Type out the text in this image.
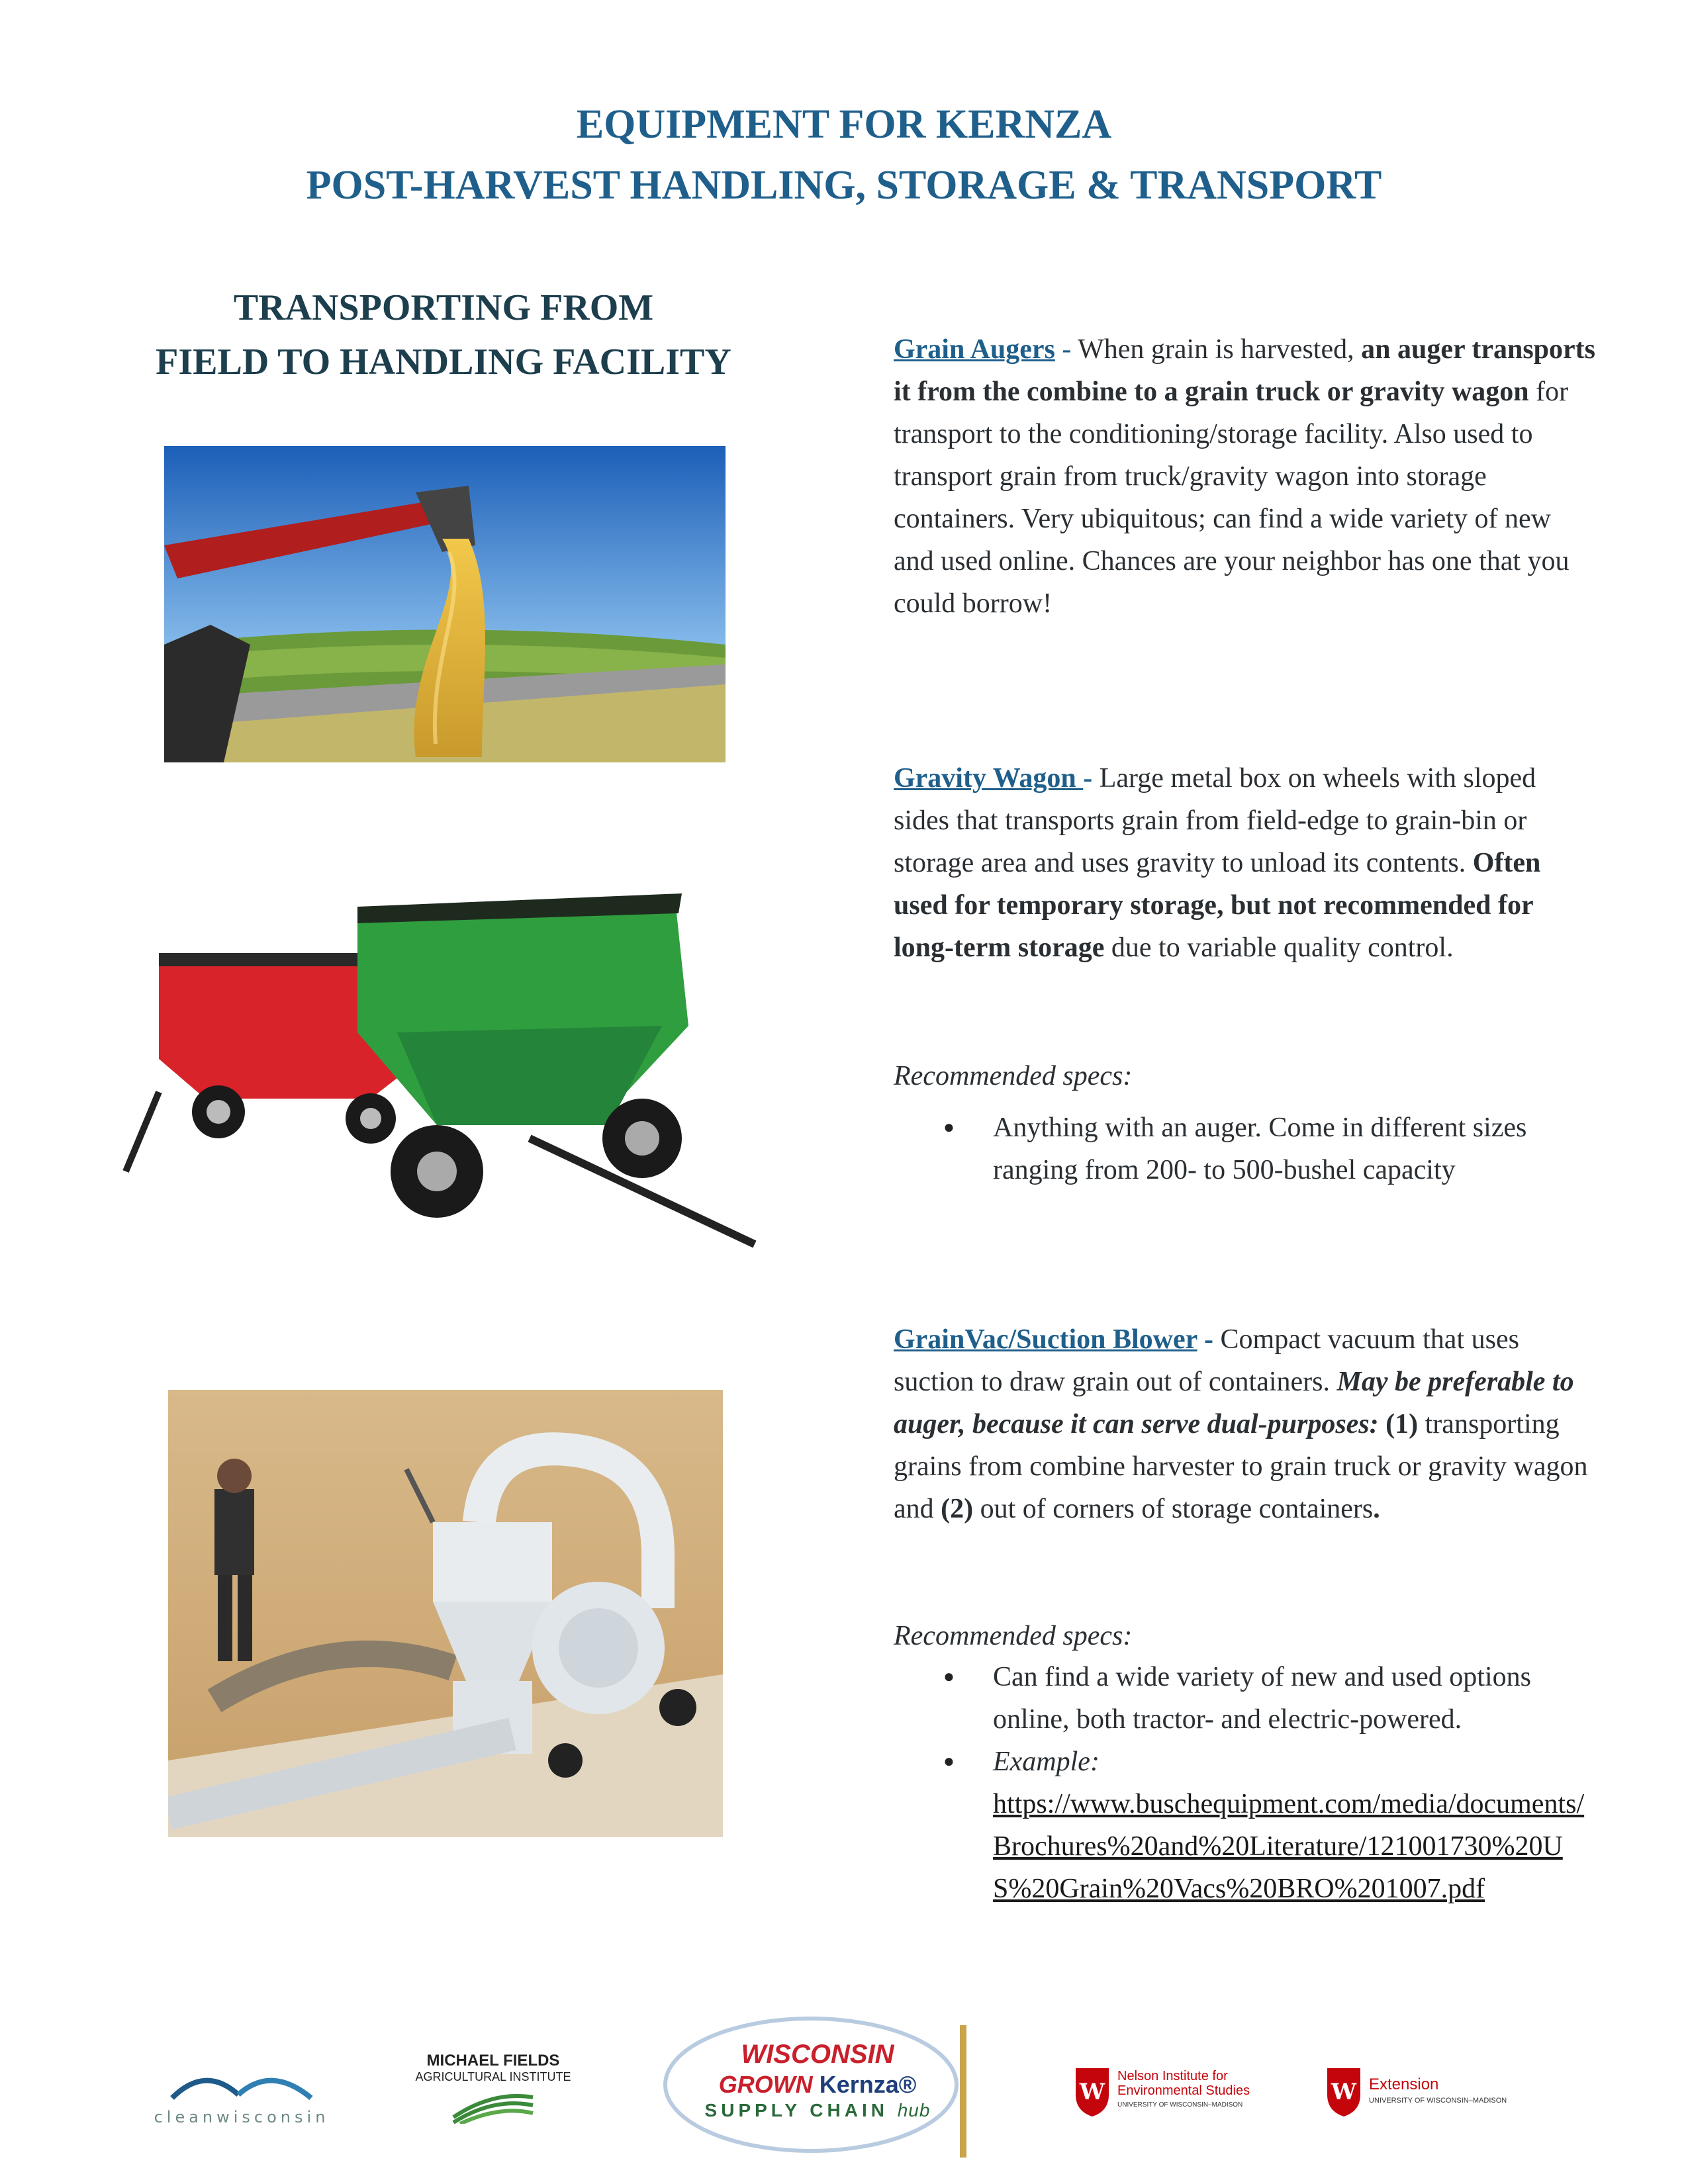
EQUIPMENT FOR KERNZA
POST-HARVEST HANDLING, STORAGE & TRANSPORT
TRANSPORTING FROM
FIELD TO HANDLING FACILITY	Grain Augers - When grain is harvested, an auger transports it from the combine to a grain truck or gravity wagon for transport to the conditioning/storage facility. Also used to transport grain from truck/gravity wagon into storage containers. Very ubiquitous; can find a wide variety of new and used online. Chances are your neighbor has one that you could borrow!
Gravity Wagon - Large metal box on wheels with sloped sides that transports grain from field-edge to grain-bin or storage area and uses gravity to unload its contents. Often used for temporary storage, but not recommended for long-term storage due to variable quality control.
Recommended specs:
● Anything with an auger. Come in different sizes ranging from 200- to 500-bushel capacity
GrainVac/Suction Blower - Compact vacuum that uses suction to draw grain out of containers. May be preferable to auger, because it can serve dual-purposes: (1) transporting grains from combine harvester to grain truck or gravity wagon and (2) out of corners of storage containers.
Recommended specs:
● Can find a wide variety of new and used options online, both tractor- and electric-powered.
● Example:
https://www.buschequipment.com/media/documents/Brochures%20and%20Literature/121001730%20US%20Grain%20Vacs%20BRO%201007.pdf
cleanwisconsin
MICHAEL FIELDS
AGRICULTURAL INSTITUTE
WISCONSIN
GROWN Kernza®
SUPPLY CHAIN hub
W
Nelson Institute for
Environmental Studies
UNIVERSITY OF WISCONSIN–MADISON	W Extension
UNIVERSITY OF WISCONSIN–MADISON
